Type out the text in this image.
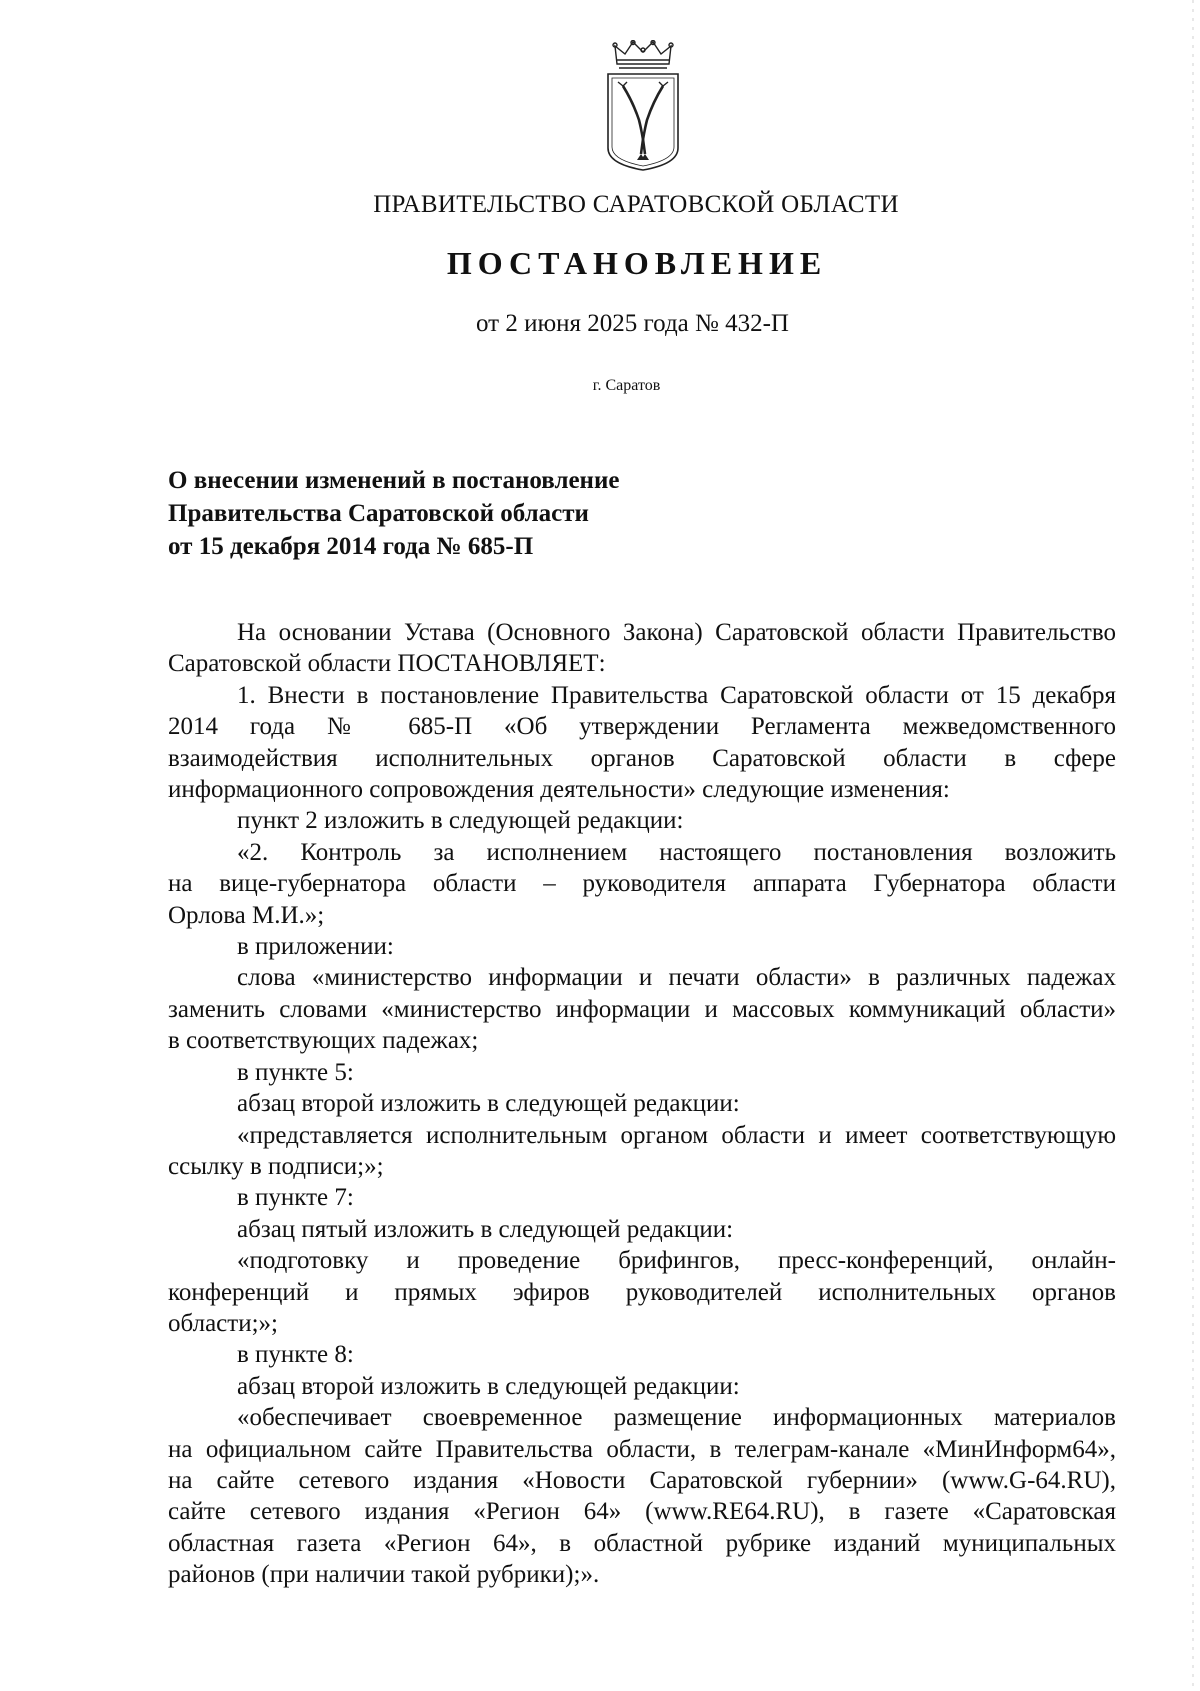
ПРАВИТЕЛЬСТВО САРАТОВСКОЙ ОБЛАСТИ
ПОСТАНОВЛЕНИЕ
от 2 июня 2025 года № 432-П
г. Саратов
О внесении изменений в постановление
Правительства Саратовской области
от 15 декабря 2014 года № 685-П
На основании Устава (Основного Закона) Саратовской области Правительство
Саратовской области ПОСТАНОВЛЯЕТ:
1. Внести в постановление Правительства Саратовской области от 15 декабря
2014 года № 685-П «Об утверждении Регламента межведомственного
взаимодействия исполнительных органов Саратовской области в сфере
информационного сопровождения деятельности» следующие изменения:
пункт 2 изложить в следующей редакции:
«2. Контроль за исполнением настоящего постановления возложить
на вице-губернатора области – руководителя аппарата Губернатора области
Орлова М.И.»;
в приложении:
слова «министерство информации и печати области» в различных падежах
заменить словами «министерство информации и массовых коммуникаций области»
в соответствующих падежах;
в пункте 5:
абзац второй изложить в следующей редакции:
«представляется исполнительным органом области и имеет соответствующую
ссылку в подписи;»;
в пункте 7:
абзац пятый изложить в следующей редакции:
«подготовку и проведение брифингов, пресс-конференций, онлайн-
конференций и прямых эфиров руководителей исполнительных органов
области;»;
в пункте 8:
абзац второй изложить в следующей редакции:
«обеспечивает своевременное размещение информационных материалов
на официальном сайте Правительства области, в телеграм-канале «МинИнформ64»,
на сайте сетевого издания «Новости Саратовской губернии» (www.G-64.RU),
сайте сетевого издания «Регион 64» (www.RE64.RU), в газете «Саратовская
областная газета «Регион 64», в областной рубрике изданий муниципальных
районов (при наличии такой рубрики);».
